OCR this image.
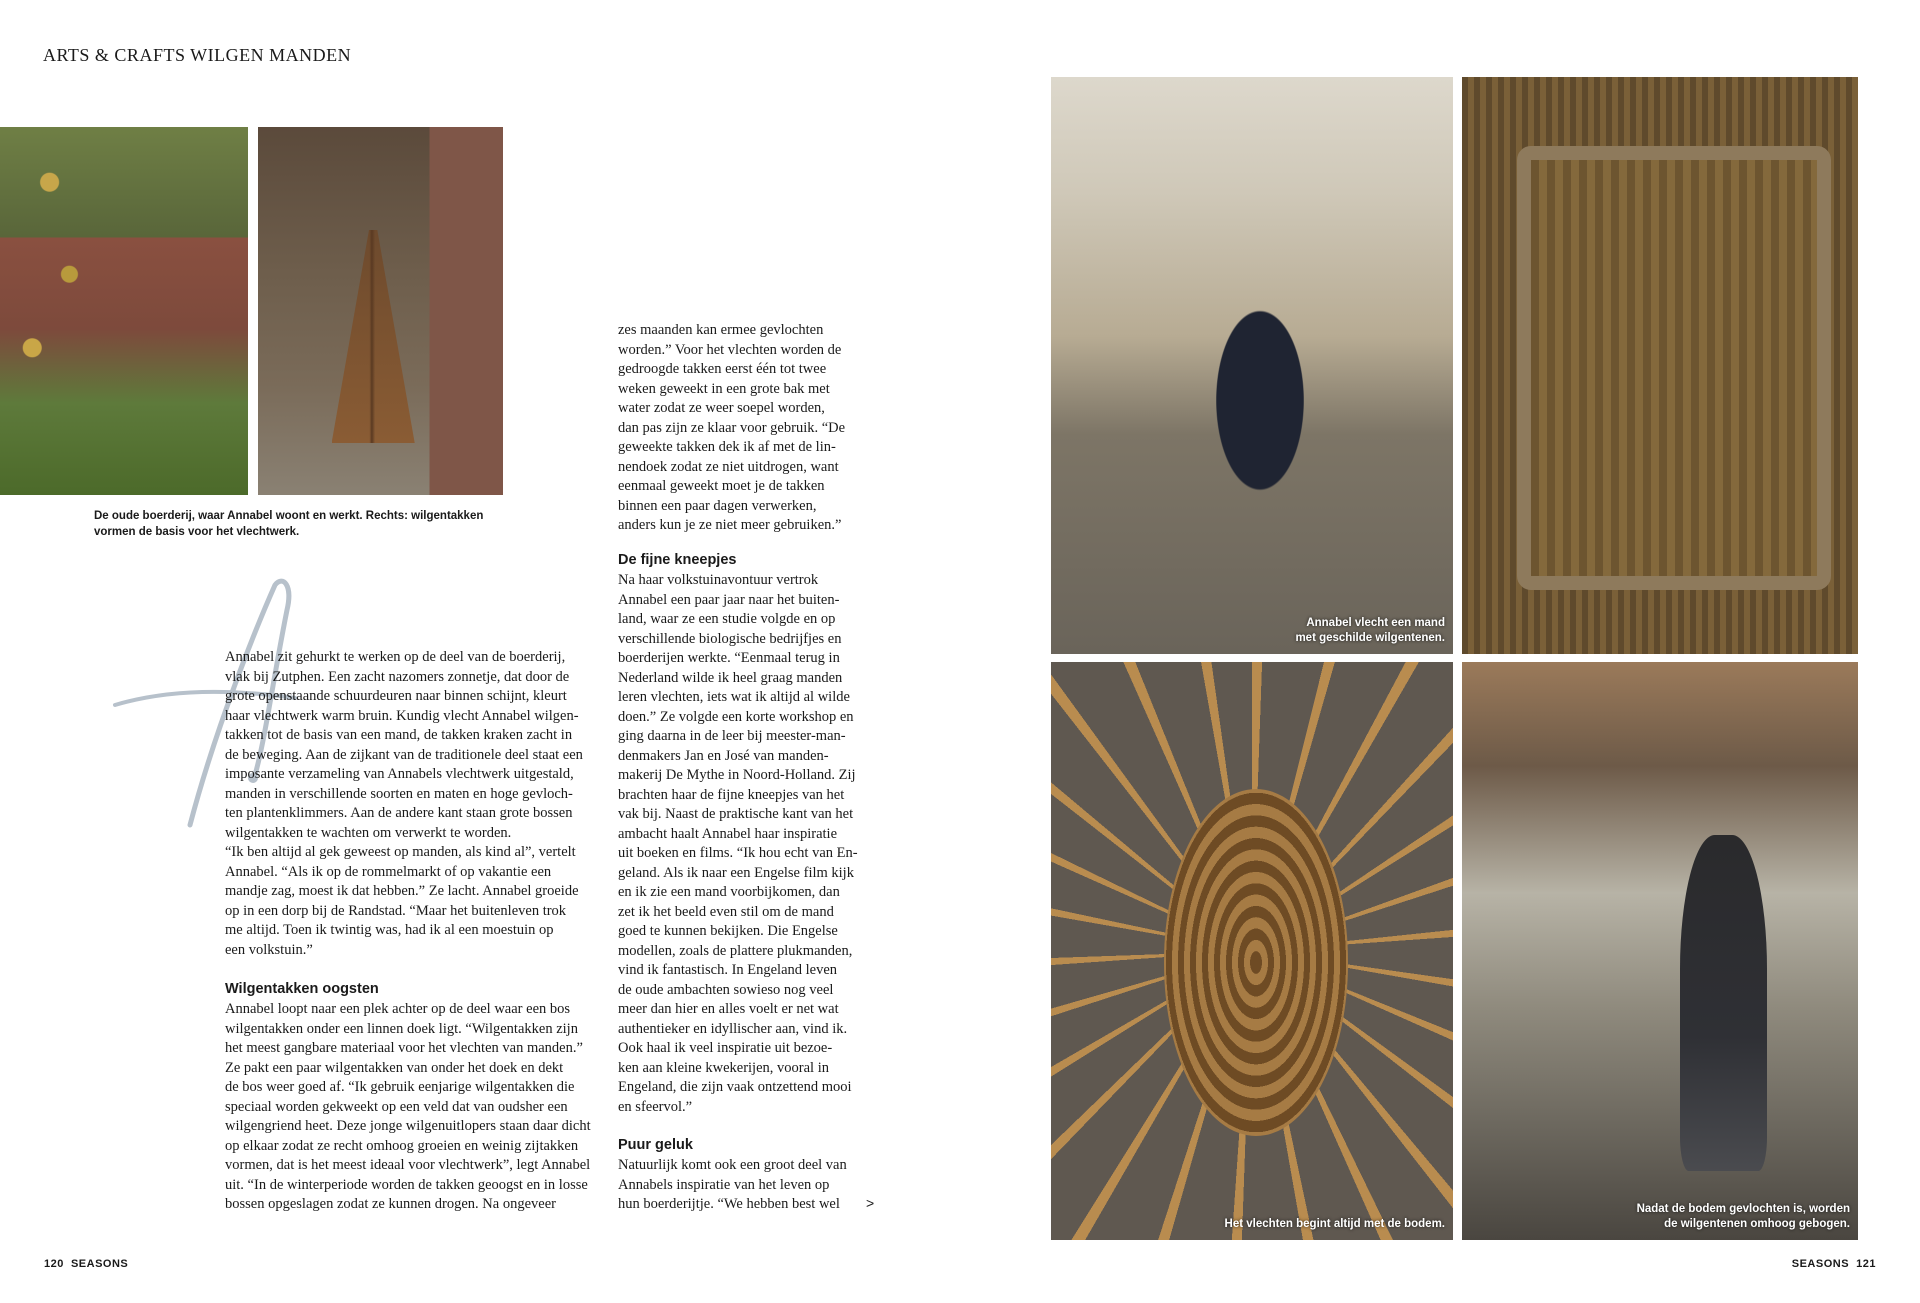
ARTS & CRAFTS WILGEN MANDEN
De oude boerderij, waar Annabel woont en werkt. Rechts: wilgentakken
vormen de basis voor het vlechtwerk.
Annabel zit gehurkt te werken op de deel van de boerderij,
vlak bij Zutphen. Een zacht nazomers zonnetje, dat door de
grote openstaande schuurdeuren naar binnen schijnt, kleurt
haar vlechtwerk warm bruin. Kundig vlecht Annabel wilgen-
takken tot de basis van een mand, de takken kraken zacht in
de beweging. Aan de zijkant van de traditionele deel staat een
imposante verzameling van Annabels vlechtwerk uitgestald,
manden in verschillende soorten en maten en hoge gevloch-
ten plantenklimmers. Aan de andere kant staan grote bossen
wilgentakken te wachten om verwerkt te worden.
“Ik ben altijd al gek geweest op manden, als kind al”, vertelt
Annabel. “Als ik op de rommelmarkt of op vakantie een
mandje zag, moest ik dat hebben.” Ze lacht. Annabel groeide
op in een dorp bij de Randstad. “Maar het buitenleven trok
me altijd. Toen ik twintig was, had ik al een moestuin op
een volkstuin.”
Wilgentakken oogsten
Annabel loopt naar een plek achter op de deel waar een bos
wilgentakken onder een linnen doek ligt. “Wilgentakken zijn
het meest gangbare materiaal voor het vlechten van manden.”
Ze pakt een paar wilgentakken van onder het doek en dekt
de bos weer goed af. “Ik gebruik eenjarige wilgentakken die
speciaal worden gekweekt op een veld dat van oudsher een
wilgengriend heet. Deze jonge wilgenuitlopers staan daar dicht
op elkaar zodat ze recht omhoog groeien en weinig zijtakken
vormen, dat is het meest ideaal voor vlechtwerk”, legt Annabel
uit. “In de winterperiode worden de takken geoogst en in losse
bossen opgeslagen zodat ze kunnen drogen. Na ongeveer
zes maanden kan ermee gevlochten
worden.” Voor het vlechten worden de
gedroogde takken eerst één tot twee
weken geweekt in een grote bak met
water zodat ze weer soepel worden,
dan pas zijn ze klaar voor gebruik. “De
geweekte takken dek ik af met de lin-
nendoek zodat ze niet uitdrogen, want
eenmaal geweekt moet je de takken
binnen een paar dagen verwerken,
anders kun je ze niet meer gebruiken.”
De fijne kneepjes
Na haar volkstuinavontuur vertrok
Annabel een paar jaar naar het buiten-
land, waar ze een studie volgde en op
verschillende biologische bedrijfjes en
boerderijen werkte. “Eenmaal terug in
Nederland wilde ik heel graag manden
leren vlechten, iets wat ik altijd al wilde
doen.” Ze volgde een korte workshop en
ging daarna in de leer bij meester-man-
denmakers Jan en José van manden-
makerij De Mythe in Noord-Holland. Zij
brachten haar de fijne kneepjes van het
vak bij. Naast de praktische kant van het
ambacht haalt Annabel haar inspiratie
uit boeken en films. “Ik hou echt van En-
geland. Als ik naar een Engelse film kijk
en ik zie een mand voorbijkomen, dan
zet ik het beeld even stil om de mand
goed te kunnen bekijken. Die Engelse
modellen, zoals de plattere plukmanden,
vind ik fantastisch. In Engeland leven
de oude ambachten sowieso nog veel
meer dan hier en alles voelt er net wat
authentieker en idyllischer aan, vind ik.
Ook haal ik veel inspiratie uit bezoe-
ken aan kleine kwekerijen, vooral in
Engeland, die zijn vaak ontzettend mooi
en sfeervol.”
Puur geluk
Natuurlijk komt ook een groot deel van
Annabels inspiratie van het leven op
hun boerderijtje. “We hebben best wel	>
Annabel vlecht een mand
met geschilde wilgentenen.
Het vlechten begint altijd met de bodem.
Nadat de bodem gevlochten is, worden
de wilgentenen omhoog gebogen.
120  SEASONS	SEASONS  121
